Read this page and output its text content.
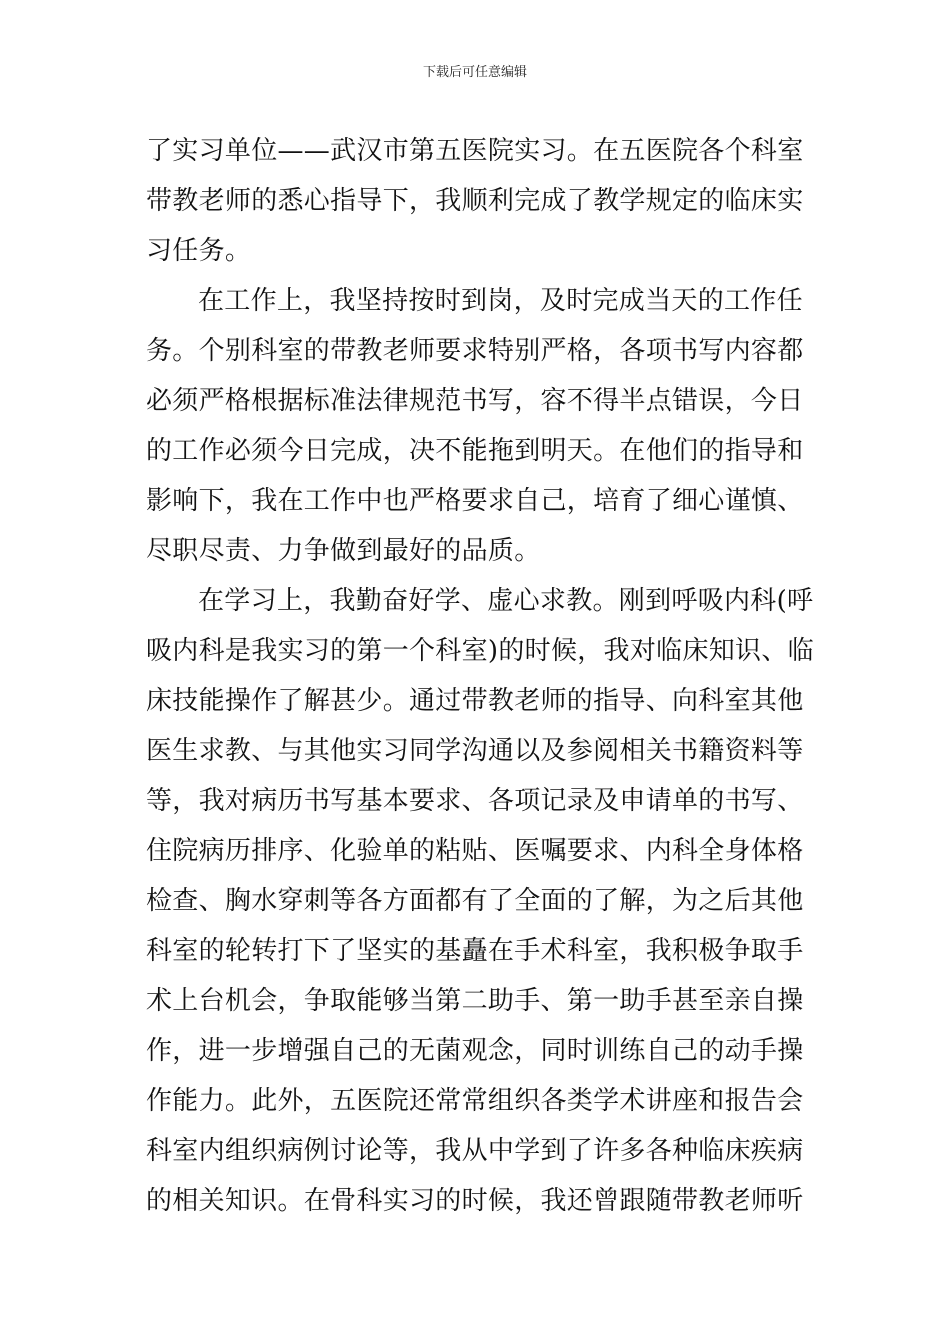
下载后可任意编辑
了实习单位——武汉市第五医院实习。在五医院各个科室
带教老师的悉心指导下，我顺利完成了教学规定的临床实
习任务。
在工作上，我坚持按时到岗，及时完成当天的工作任
务。个别科室的带教老师要求特别严格，各项书写内容都
必须严格根据标准法律规范书写，容不得半点错误，今日
的工作必须今日完成，决不能拖到明天。在他们的指导和
影响下，我在工作中也严格要求自己，培育了细心谨慎、
尽职尽责、力争做到最好的品质。
在学习上，我勤奋好学、虚心求教。刚到呼吸内科(呼
吸内科是我实习的第一个科室)的时候，我对临床知识、临
床技能操作了解甚少。通过带教老师的指导、向科室其他
医生求教、与其他实习同学沟通以及参阅相关书籍资料等
等，我对病历书写基本要求、各项记录及申请单的书写、
住院病历排序、化验单的粘贴、医嘱要求、内科全身体格
检查、胸水穿刺等各方面都有了全面的了解，为之后其他
科室的轮转打下了坚实的基矗在手术科室，我积极争取手
术上台机会，争取能够当第二助手、第一助手甚至亲自操
作，进一步增强自己的无菌观念，同时训练自己的动手操
作能力。此外，五医院还常常组织各类学术讲座和报告会
科室内组织病例讨论等，我从中学到了许多各种临床疾病
的相关知识。在骨科实习的时候，我还曾跟随带教老师听
